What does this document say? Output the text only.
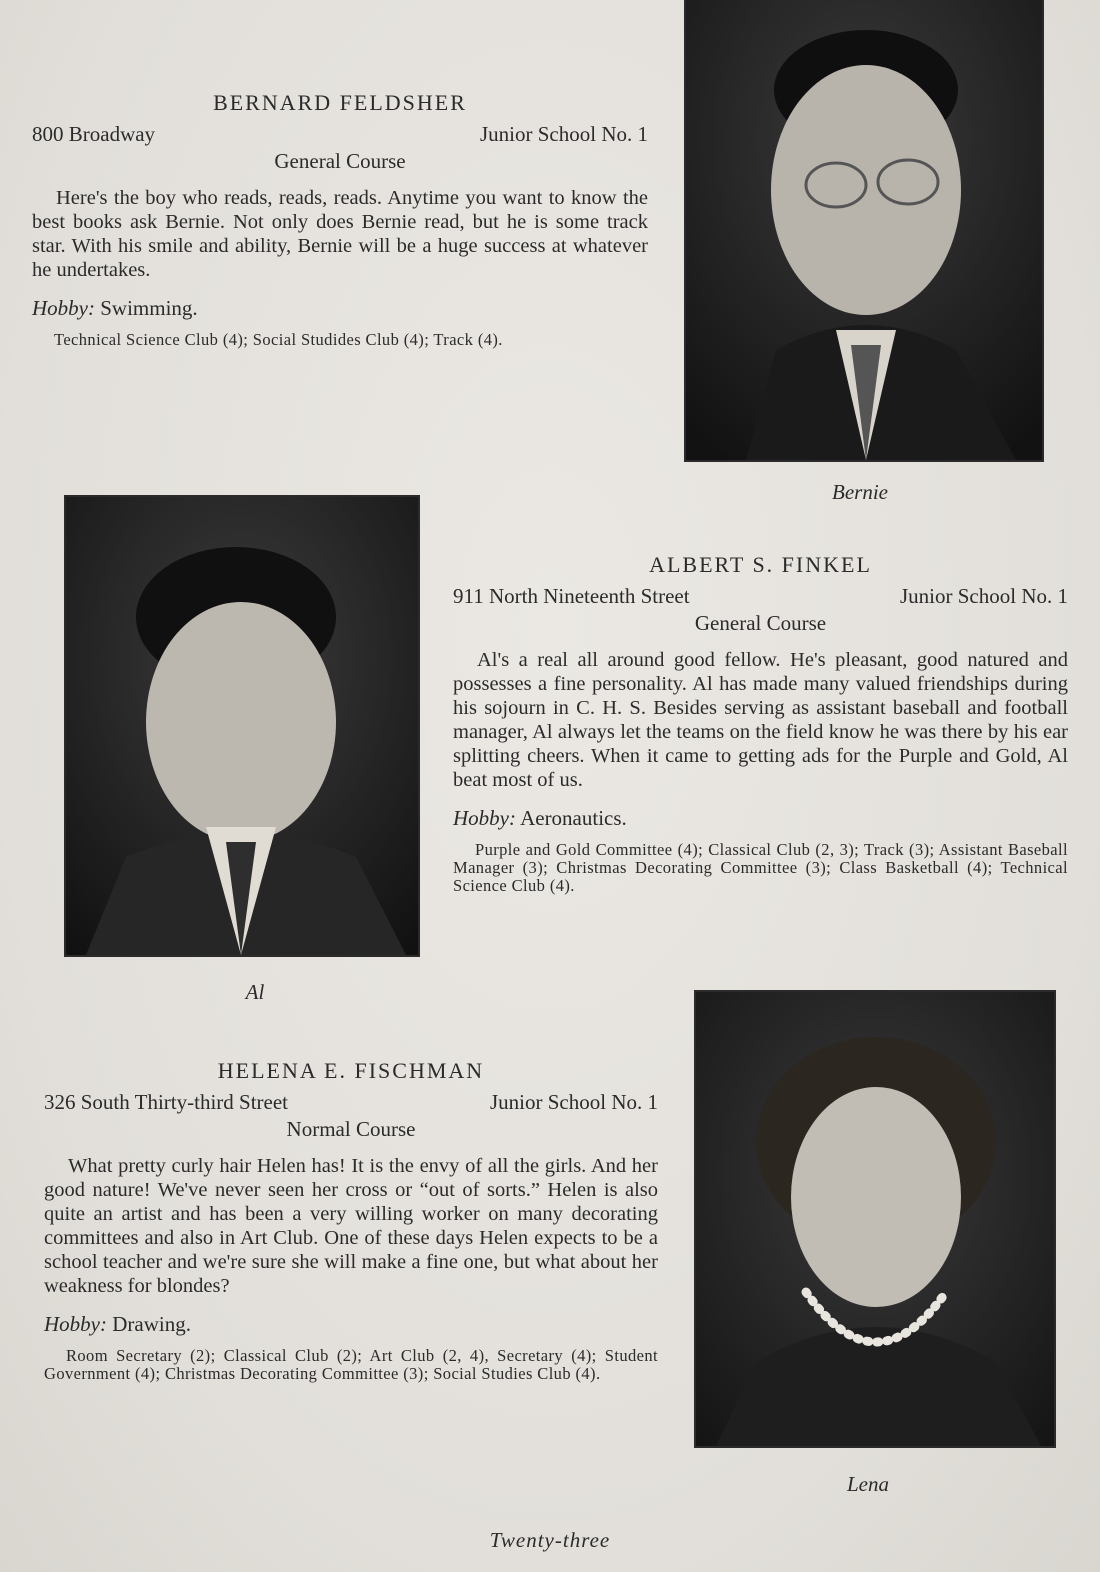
BERNARD FELDSHER

800 Broadway	Junior School No. 1

General Course

Here's the boy who reads, reads, reads. Anytime you want to know the best books ask Bernie. Not only does Bernie read, but he is some track star. With his smile and ability, Bernie will be a huge success at whatever he undertakes.

Hobby: Swimming.

Technical Science Club (4); Social Studides Club (4); Track (4).

Bernie
Al

ALBERT S. FINKEL

911 North Nineteenth Street	Junior School No. 1

General Course

Al's a real all around good fellow. He's pleasant, good natured and possesses a fine personality. Al has made many valued friendships during his sojourn in C. H. S. Besides serving as assistant baseball and football manager, Al always let the teams on the field know he was there by his ear splitting cheers. When it came to getting ads for the Purple and Gold, Al beat most of us.

Hobby: Aeronautics.

Purple and Gold Committee (4); Classical Club (2, 3); Track (3); Assistant Baseball Manager (3); Christmas Decorating Committee (3); Class Basketball (4); Technical Science Club (4).

HELENA E. FISCHMAN

326 South Thirty-third Street	Junior School No. 1

Normal Course

What pretty curly hair Helen has! It is the envy of all the girls. And her good nature! We've never seen her cross or “out of sorts.” Helen is also quite an artist and has been a very willing worker on many decorating committees and also in Art Club. One of these days Helen expects to be a school teacher and we're sure she will make a fine one, but what about her weakness for blondes?

Hobby: Drawing.

Room Secretary (2); Classical Club (2); Art Club (2, 4), Secretary (4); Student Government (4); Christmas Decorating Committee (3); Social Studies Club (4).

Lena
Twenty-three
